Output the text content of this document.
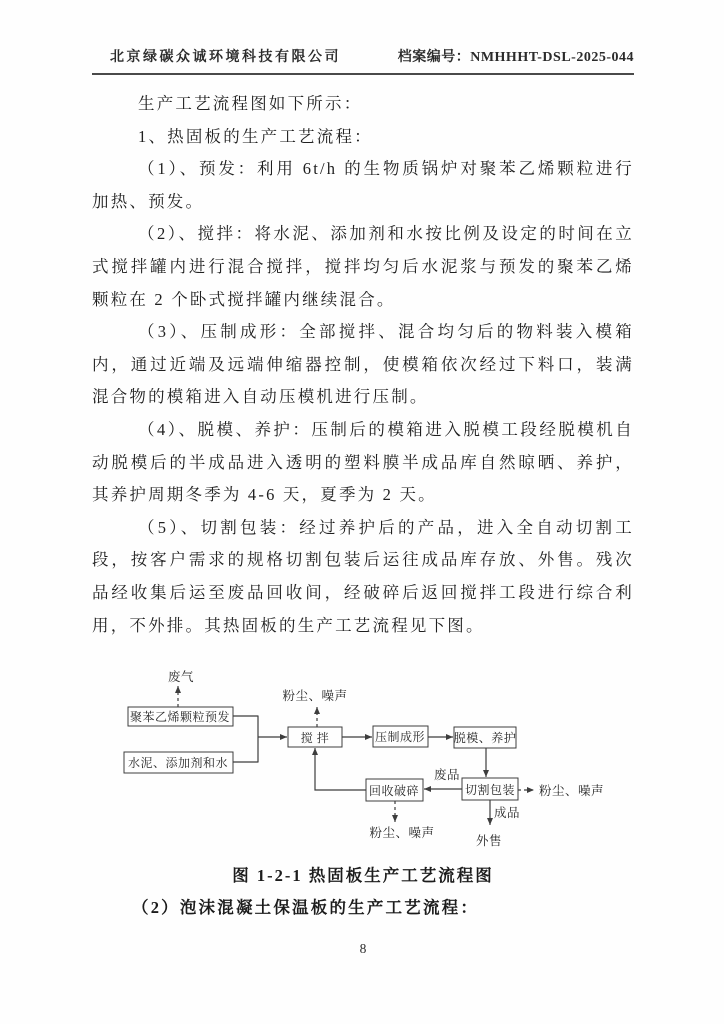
北京绿碳众诚环境科技有限公司	档案编号：NMHHHT-DSL-2025-044

生产工艺流程图如下所示：

1、热固板的生产工艺流程：

（1）、预发：利用 6t/h 的生物质锅炉对聚苯乙烯颗粒进行加热、预发。

（2）、搅拌：将水泥、添加剂和水按比例及设定的时间在立式搅拌罐内进行混合搅拌，搅拌均匀后水泥浆与预发的聚苯乙烯颗粒在 2 个卧式搅拌罐内继续混合。

（3）、压制成形：全部搅拌、混合均匀后的物料装入模箱内，通过近端及远端伸缩器控制，使模箱依次经过下料口，装满混合物的模箱进入自动压模机进行压制。

（4）、脱模、养护：压制后的模箱进入脱模工段经脱模机自动脱模后的半成品进入透明的塑料膜半成品库自然晾晒、养护，其养护周期冬季为 4-6 天，夏季为 2 天。

（5）、切割包装：经过养护后的产品，进入全自动切割工段，按客户需求的规格切割包装后运往成品库存放、外售。残次品经收集后运至废品回收间，经破碎后返回搅拌工段进行综合利用，不外排。其热固板的生产工艺流程见下图。

废气
聚苯乙烯颗粒预发
水泥、添加剂和水
搅 拌
粉尘、噪声
压制成形 脱模、养护
切割包装
废品
回收破碎
粉尘、噪声
粉尘、噪声
成品
外售
图 1-2-1 热固板生产工艺流程图
（2）泡沫混凝土保温板的生产工艺流程：
8
